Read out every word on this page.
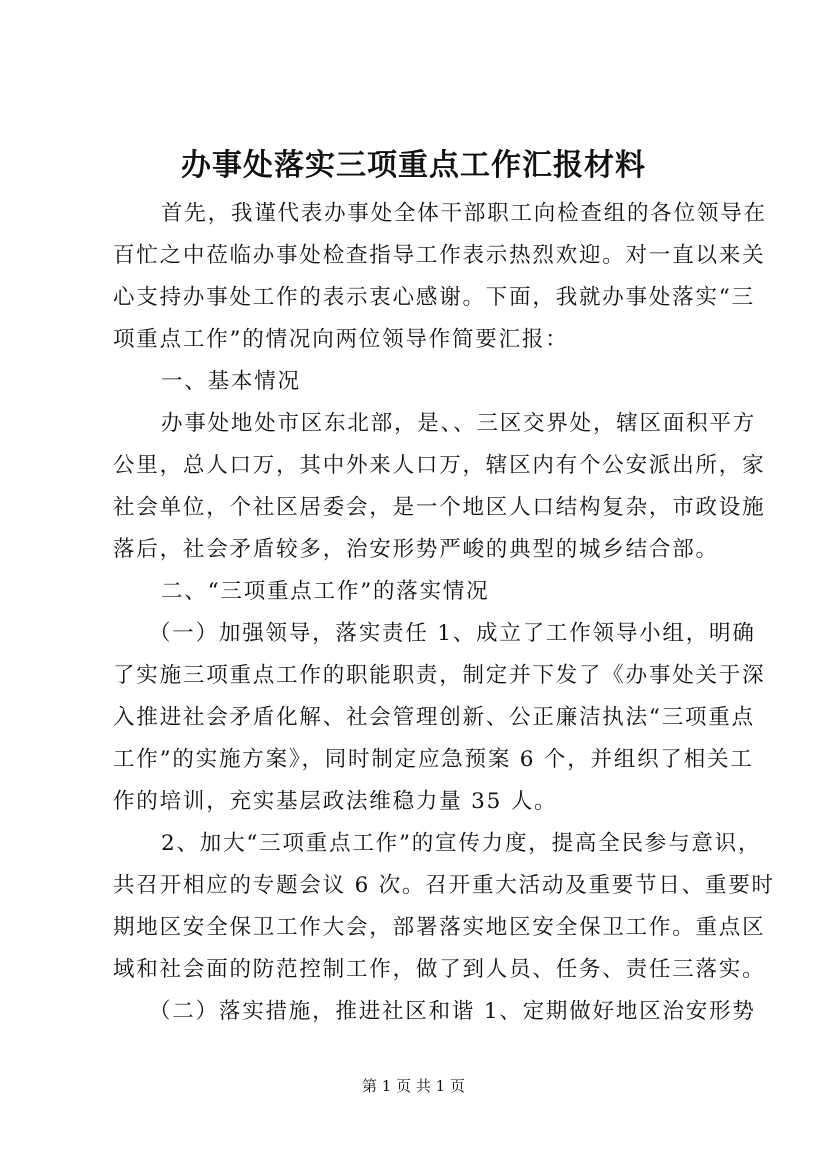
办事处落实三项重点工作汇报材料
首先，我谨代表办事处全体干部职工向检查组的各位领导在
百忙之中莅临办事处检查指导工作表示热烈欢迎。对一直以来关
心支持办事处工作的表示衷心感谢。下面，我就办事处落实“三
项重点工作”的情况向两位领导作简要汇报：
一、基本情况
办事处地处市区东北部，是、、三区交界处，辖区面积平方
公里，总人口万，其中外来人口万，辖区内有个公安派出所，家
社会单位，个社区居委会，是一个地区人口结构复杂，市政设施
落后，社会矛盾较多，治安形势严峻的典型的城乡结合部。
二、“三项重点工作”的落实情况
（一）加强领导，落实责任 1、成立了工作领导小组，明确
了实施三项重点工作的职能职责，制定并下发了《办事处关于深
入推进社会矛盾化解、社会管理创新、公正廉洁执法“三项重点
工作”的实施方案》，同时制定应急预案 6 个，并组织了相关工
作的培训，充实基层政法维稳力量 35 人。
2、加大“三项重点工作”的宣传力度，提高全民参与意识，
共召开相应的专题会议 6 次。召开重大活动及重要节日、重要时
期地区安全保卫工作大会，部署落实地区安全保卫工作。重点区
域和社会面的防范控制工作，做了到人员、任务、责任三落实。
（二）落实措施，推进社区和谐 1、定期做好地区治安形势
第 1 页 共 1 页
